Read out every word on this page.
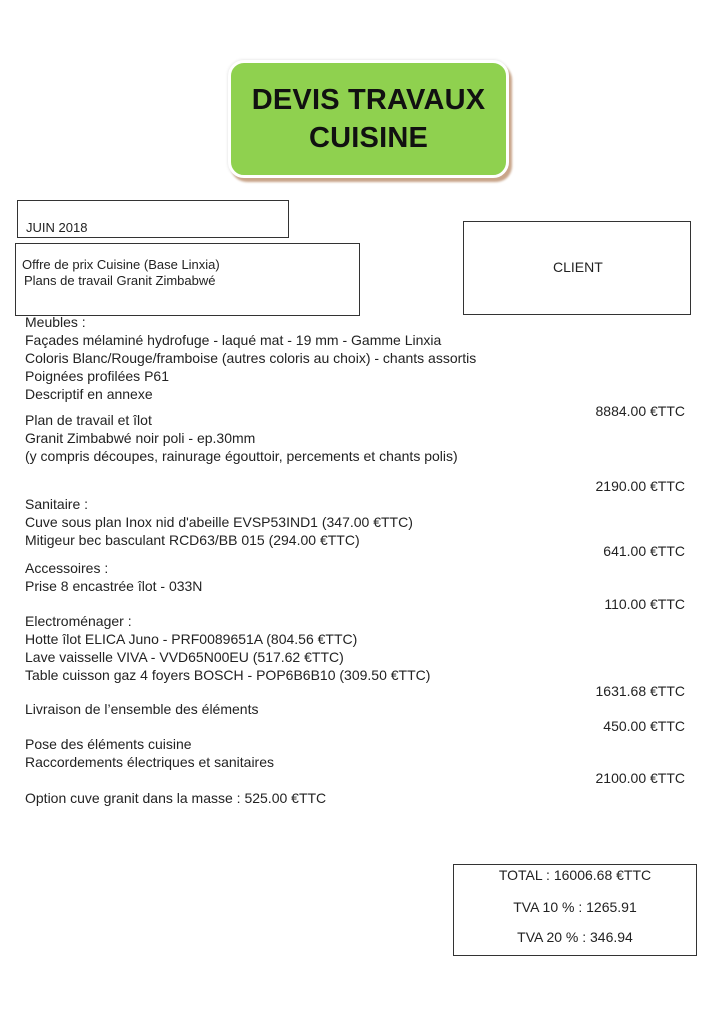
DEVIS TRAVAUX
CUISINE
JUIN 2018
Offre de prix Cuisine (Base Linxia)
Plans de travail Granit Zimbabwé
CLIENT
Meubles :
Façades mélaminé hydrofuge - laqué mat - 19 mm - Gamme Linxia
Coloris Blanc/Rouge/framboise (autres coloris au choix) - chants assortis
Poignées profilées P61
Descriptif en annexe
8884.00 €TTC
Plan de travail et îlot
Granit Zimbabwé noir poli - ep.30mm
(y compris découpes, rainurage égouttoir, percements et chants polis)
2190.00 €TTC
Sanitaire :
Cuve sous plan Inox nid d'abeille EVSP53IND1 (347.00 €TTC)
Mitigeur bec basculant RCD63/BB 015 (294.00 €TTC)
641.00 €TTC
Accessoires :
Prise 8 encastrée îlot - 033N
110.00 €TTC
Electroménager :
Hotte îlot ELICA Juno - PRF0089651A (804.56 €TTC)
Lave vaisselle VIVA - VVD65N00EU (517.62 €TTC)
Table cuisson gaz 4 foyers BOSCH - POP6B6B10 (309.50 €TTC)
1631.68 €TTC
Livraison de l’ensemble des éléments
450.00 €TTC
Pose des éléments cuisine
Raccordements électriques et sanitaires
2100.00 €TTC
Option cuve granit dans la masse : 525.00 €TTC
TOTAL : 16006.68 €TTC
TVA 10 % : 1265.91
TVA 20 % : 346.94
